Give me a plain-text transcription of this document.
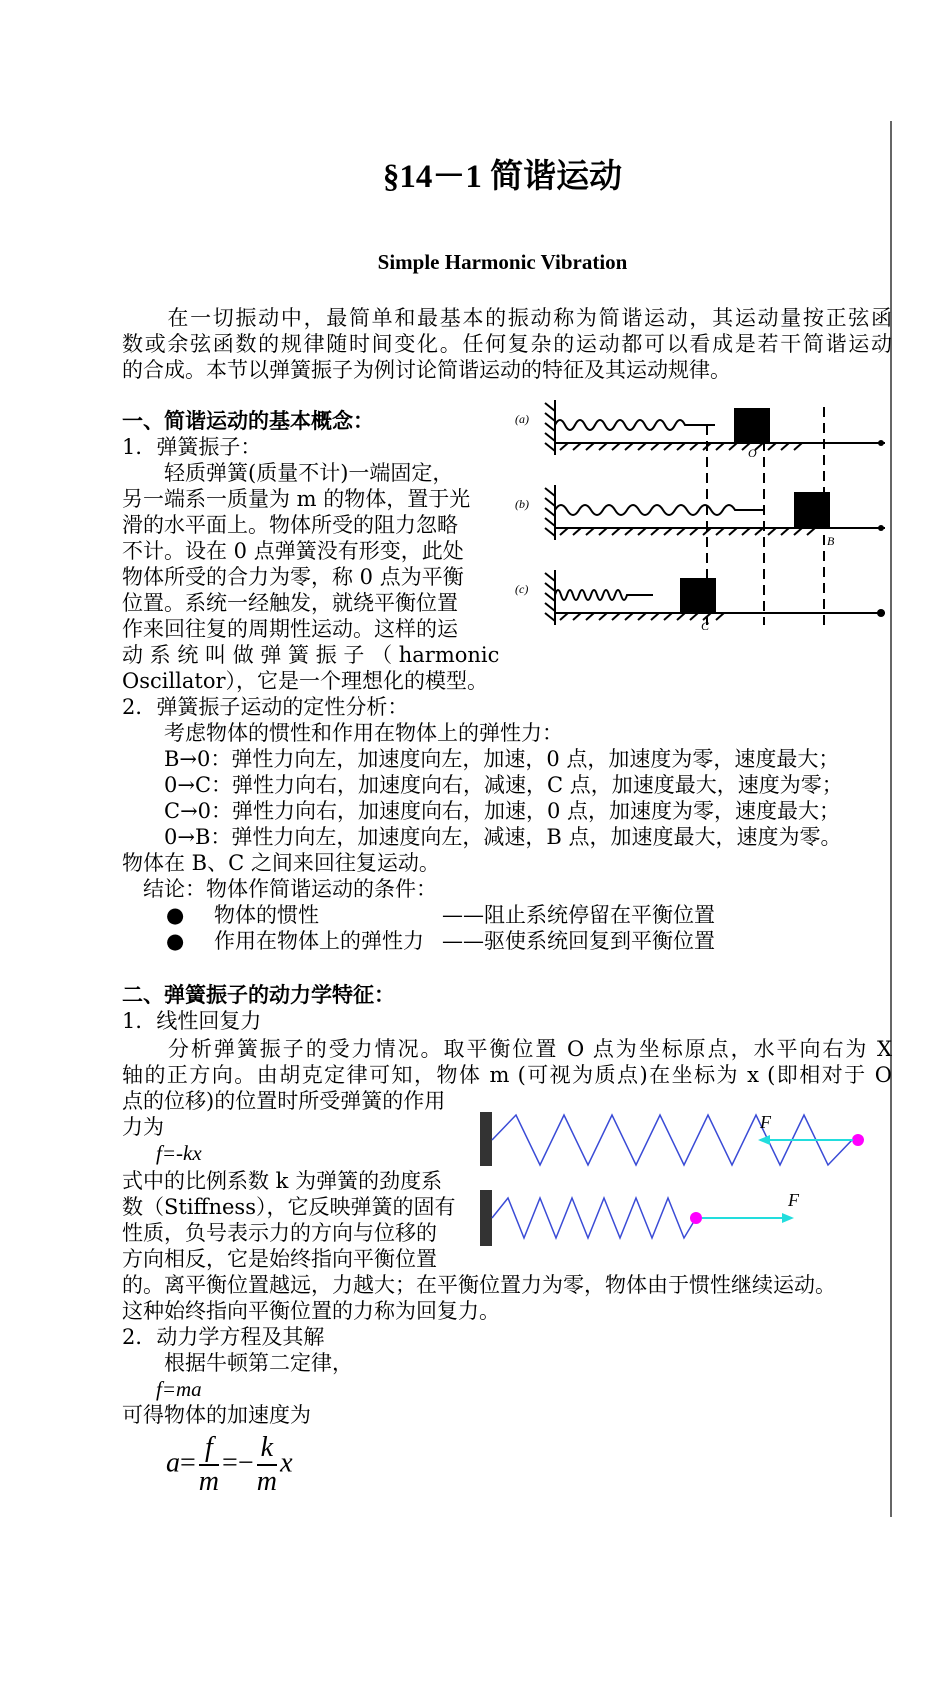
§14－1 简谐运动
Simple Harmonic Vibration
　　在一切振动中，最简单和最基本的振动称为简谐运动，其运动量按正弦函
数或余弦函数的规律随时间变化。任何复杂的运动都可以看成是若干简谐运动
的合成。本节以弹簧振子为例讨论简谐运动的特征及其运动规律。
一、简谐运动的基本概念：
1．弹簧振子：
　　轻质弹簧(质量不计)一端固定，
另一端系一质量为 m 的物体，置于光
滑的水平面上。物体所受的阻力忽略
不计。设在 0 点弹簧没有形变，此处
物体所受的合力为零，称 0 点为平衡
位置。系统一经触发，就绕平衡位置
作来回往复的周期性运动。这样的运
动 系 统 叫 做 弹 簧 振 子 （ harmonic
Oscillator），它是一个理想化的模型。
(a)
(b)
(c)
O
B
C
2．弹簧振子运动的定性分析：
　　考虑物体的惯性和作用在物体上的弹性力：
　　B→0：弹性力向左，加速度向左，加速，0 点，加速度为零，速度最大；
　　0→C：弹性力向右，加速度向右，减速，C 点，加速度最大，速度为零；
　　C→0：弹性力向右，加速度向右，加速，0 点，加速度为零，速度最大；
　　0→B：弹性力向左，加速度向左，减速，B 点，加速度最大，速度为零。
物体在 B、C 之间来回往复运动。
　结论：物体作简谐运动的条件：
● 物体的惯性	——阻止系统停留在平衡位置
● 作用在物体上的弹性力 ——驱使系统回复到平衡位置
二、弹簧振子的动力学特征：
1．线性回复力
　　分析弹簧振子的受力情况。取平衡位置 O 点为坐标原点，水平向右为 X
轴的正方向。由胡克定律可知，物体 m (可视为质点)在坐标为 x (即相对于 O
点的位移)的位置时所受弹簧的作用
力为
f=-kx
式中的比例系数 k 为弹簧的劲度系
数（Stiffness），它反映弹簧的固有
性质，负号表示力的方向与位移的
方向相反，它是始终指向平衡位置
的。离平衡位置越远，力越大；在平衡位置力为零，物体由于惯性继续运动。
这种始终指向平衡位置的力称为回复力。
F
F
2．动力学方程及其解
　　根据牛顿第二定律，
f=ma
可得物体的加速度为
$a= \frac{f}{m} =- \frac{k}{m}$ x
